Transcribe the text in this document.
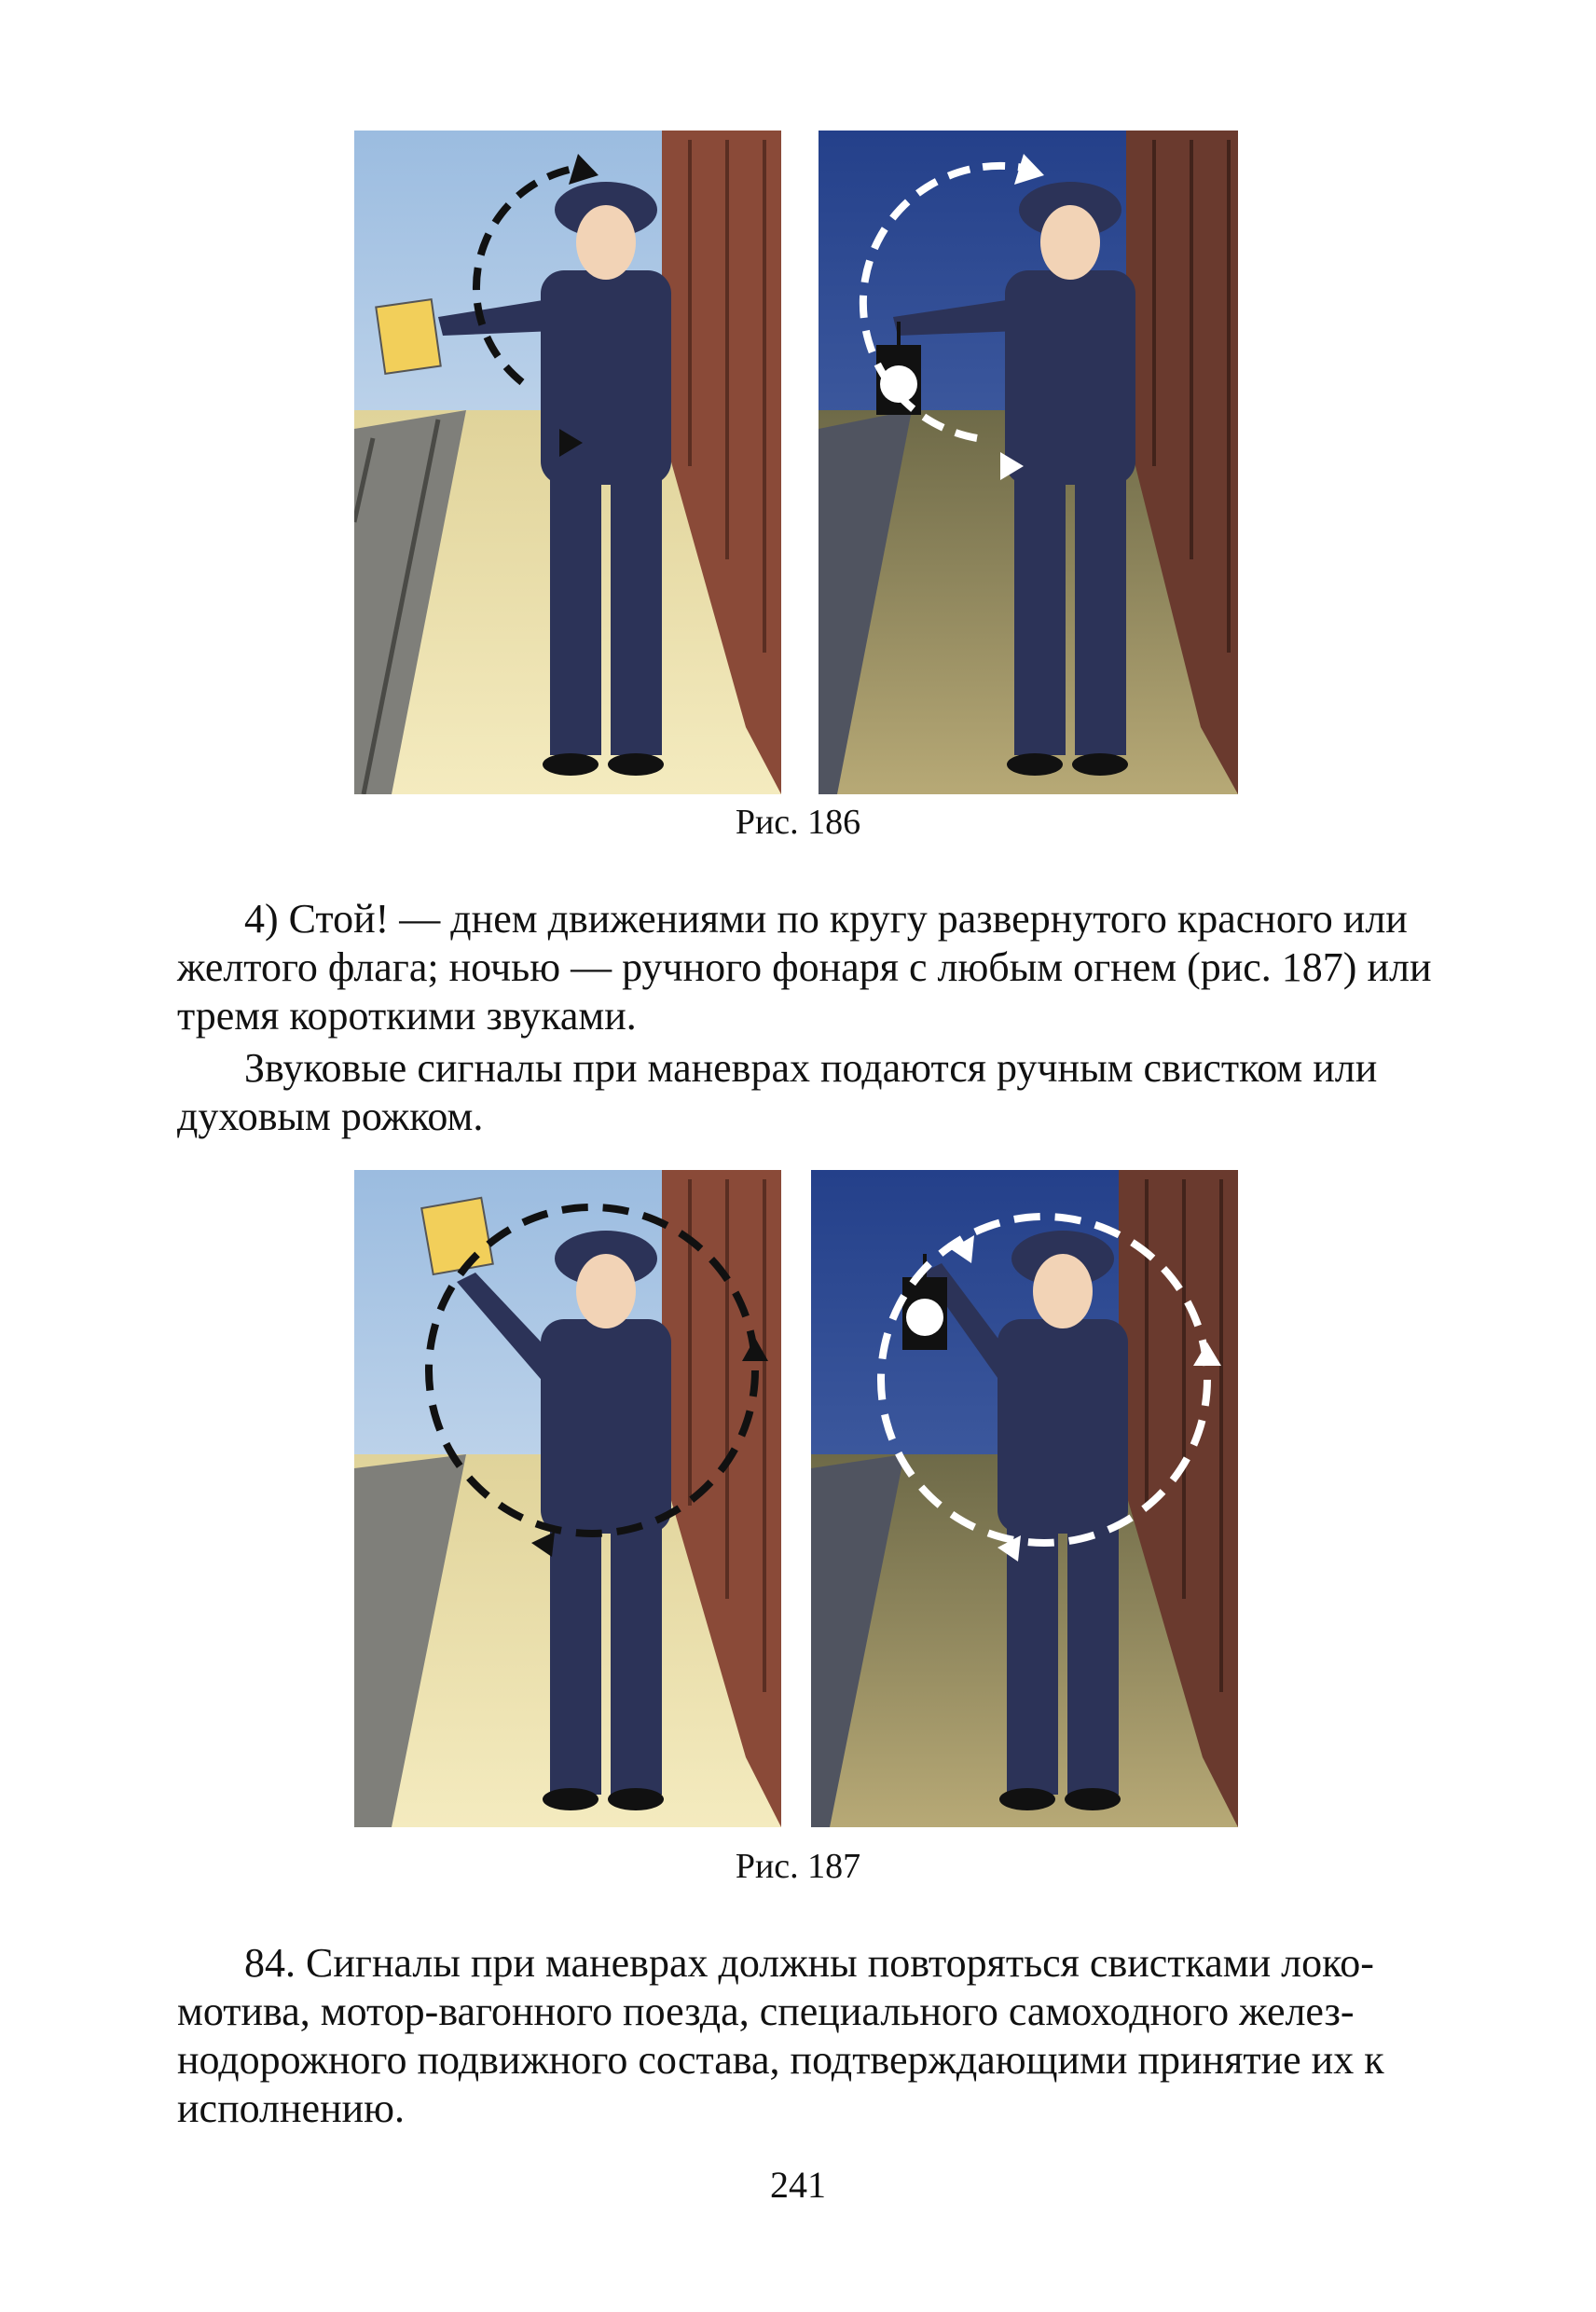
Рис. 186

4) Стой! — днем движениями по кругу развернутого красного или

желтого флага; ночью — ручного фонаря с любым огнем (рис. 187) или

тремя короткими звуками.

Звуковые сигналы при маневрах подаются ручным свистком или

духовым рожком.

Рис. 187

84. Сигналы при маневрах должны повторяться свистками локо-

мотива, мотор-вагонного поезда, специального самоходного желез-

нодорожного подвижного состава, подтверждающими принятие их к

исполнению.

241
